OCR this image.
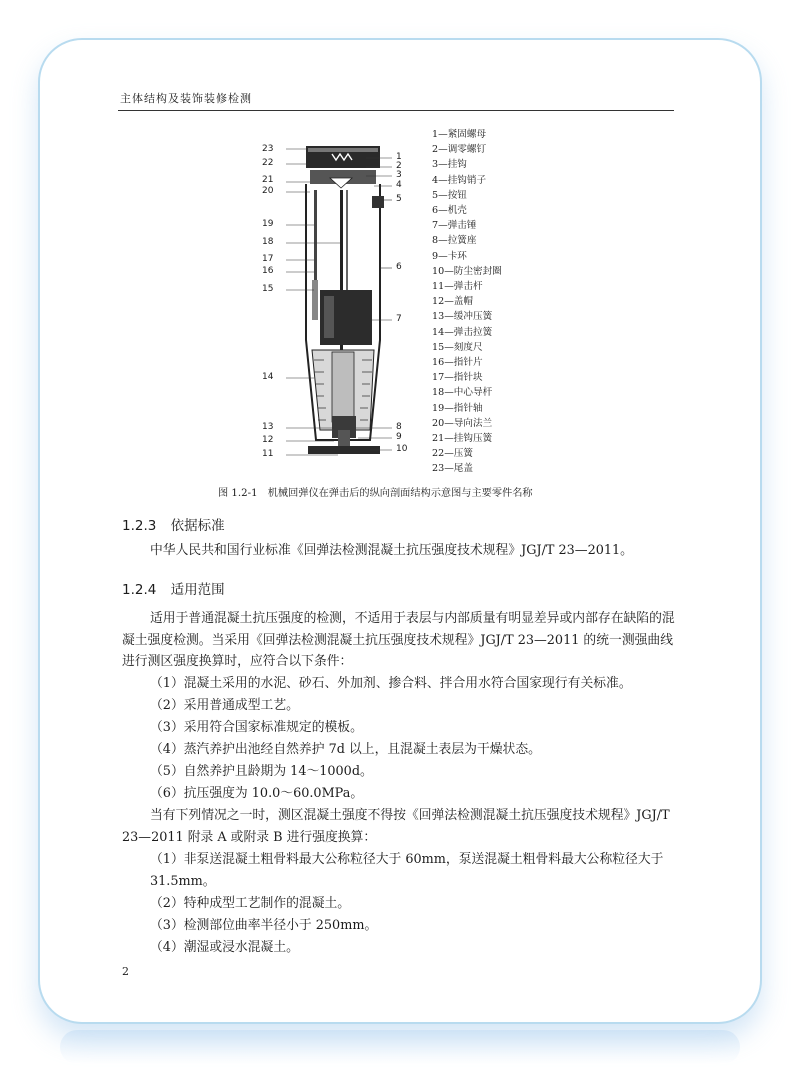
主体结构及装饰装修检测
23
22
21
20
19
18
17
16
15
14
13
12
11
1
2
3
4
5
6
7
8
9
10
1—紧固螺母
2—调零螺钉
3—挂钩
4—挂钩销子
5—按钮
6—机壳
7—弹击锤
8—拉簧座
9—卡环
10—防尘密封圈
11—弹击杆
12—盖帽
13—缓冲压簧
14—弹击拉簧
15—刻度尺
16—指针片
17—指针块
18—中心导杆
19—指针轴
20—导向法兰
21—挂钩压簧
22—压簧
23—尾盖
图 1.2-1　机械回弹仪在弹击后的纵向剖面结构示意图与主要零件名称
1.2.3 依据标准
中华人民共和国行业标准《回弹法检测混凝土抗压强度技术规程》JGJ/T 23—2011。
1.2.4 适用范围
适用于普通混凝土抗压强度的检测，不适用于表层与内部质量有明显差异或内部存在缺陷的混凝土强度检测。当采用《回弹法检测混凝土抗压强度技术规程》JGJ/T 23—2011 的统一测强曲线进行测区强度换算时，应符合以下条件：
（1）混凝土采用的水泥、砂石、外加剂、掺合料、拌合用水符合国家现行有关标准。
（2）采用普通成型工艺。
（3）采用符合国家标准规定的模板。
（4）蒸汽养护出池经自然养护 7d 以上，且混凝土表层为干燥状态。
（5）自然养护且龄期为 14～1000d。
（6）抗压强度为 10.0～60.0MPa。
当有下列情况之一时，测区混凝土强度不得按《回弹法检测混凝土抗压强度技术规程》JGJ/T 23—2011 附录 A 或附录 B 进行强度换算：
（1）非泵送混凝土粗骨料最大公称粒径大于 60mm，泵送混凝土粗骨料最大公称粒径大于 31.5mm。
（2）特种成型工艺制作的混凝土。
（3）检测部位曲率半径小于 250mm。
（4）潮湿或浸水混凝土。
2
